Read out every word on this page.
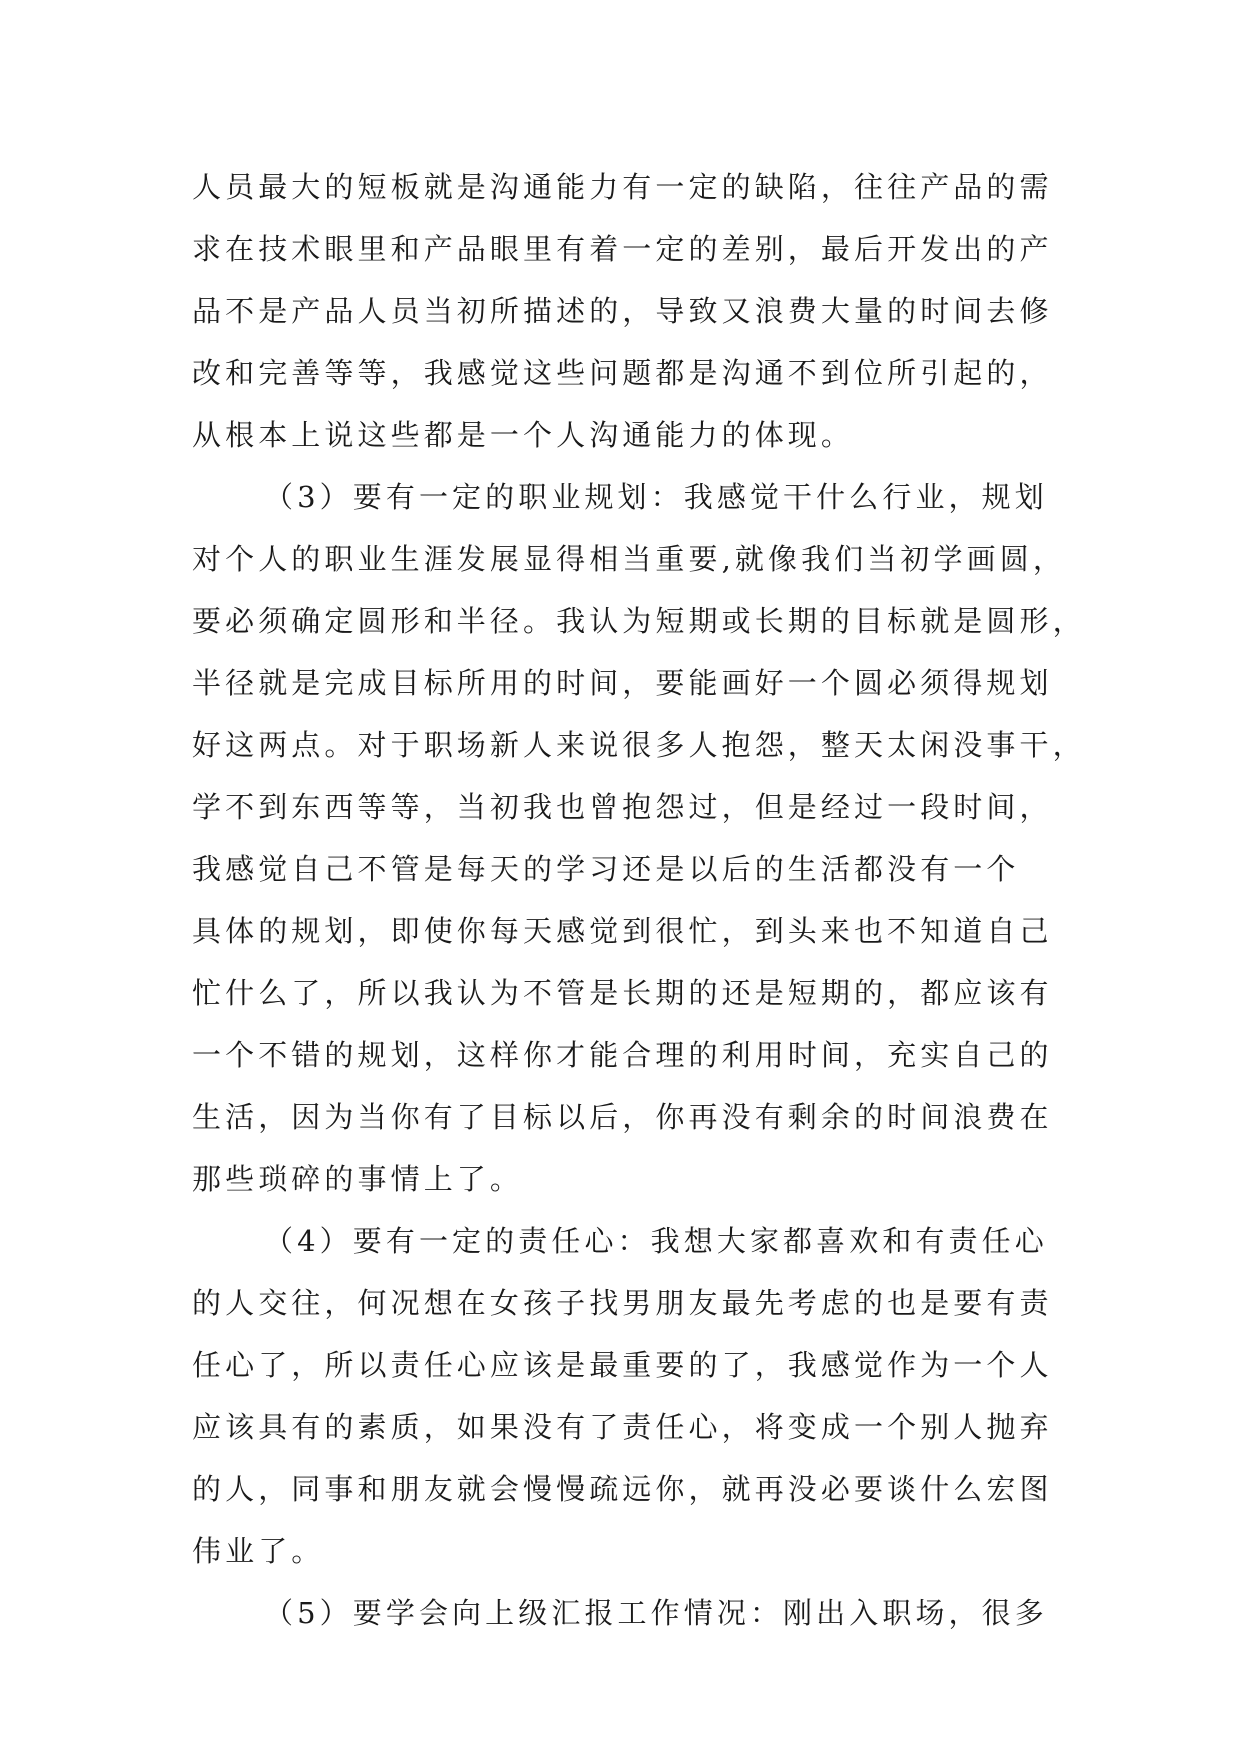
人员最大的短板就是沟通能力有一定的缺陷，往往产品的需
求在技术眼里和产品眼里有着一定的差别，最后开发出的产
品不是产品人员当初所描述的，导致又浪费大量的时间去修
改和完善等等，我感觉这些问题都是沟通不到位所引起的，
从根本上说这些都是一个人沟通能力的体现。
（3）要有一定的职业规划：我感觉干什么行业，规划
对个人的职业生涯发展显得相当重要,就像我们当初学画圆，
要必须确定圆形和半径。我认为短期或长期的目标就是圆形，
半径就是完成目标所用的时间，要能画好一个圆必须得规划
好这两点。对于职场新人来说很多人抱怨，整天太闲没事干，
学不到东西等等，当初我也曾抱怨过，但是经过一段时间，
我感觉自己不管是每天的学习还是以后的生活都没有一个
具体的规划，即使你每天感觉到很忙，到头来也不知道自己
忙什么了，所以我认为不管是长期的还是短期的，都应该有
一个不错的规划，这样你才能合理的利用时间，充实自己的
生活，因为当你有了目标以后，你再没有剩余的时间浪费在
那些琐碎的事情上了。
（4）要有一定的责任心：我想大家都喜欢和有责任心
的人交往，何况想在女孩子找男朋友最先考虑的也是要有责
任心了，所以责任心应该是最重要的了，我感觉作为一个人
应该具有的素质，如果没有了责任心，将变成一个别人抛弃
的人，同事和朋友就会慢慢疏远你，就再没必要谈什么宏图
伟业了。
（5）要学会向上级汇报工作情况：刚出入职场，很多
